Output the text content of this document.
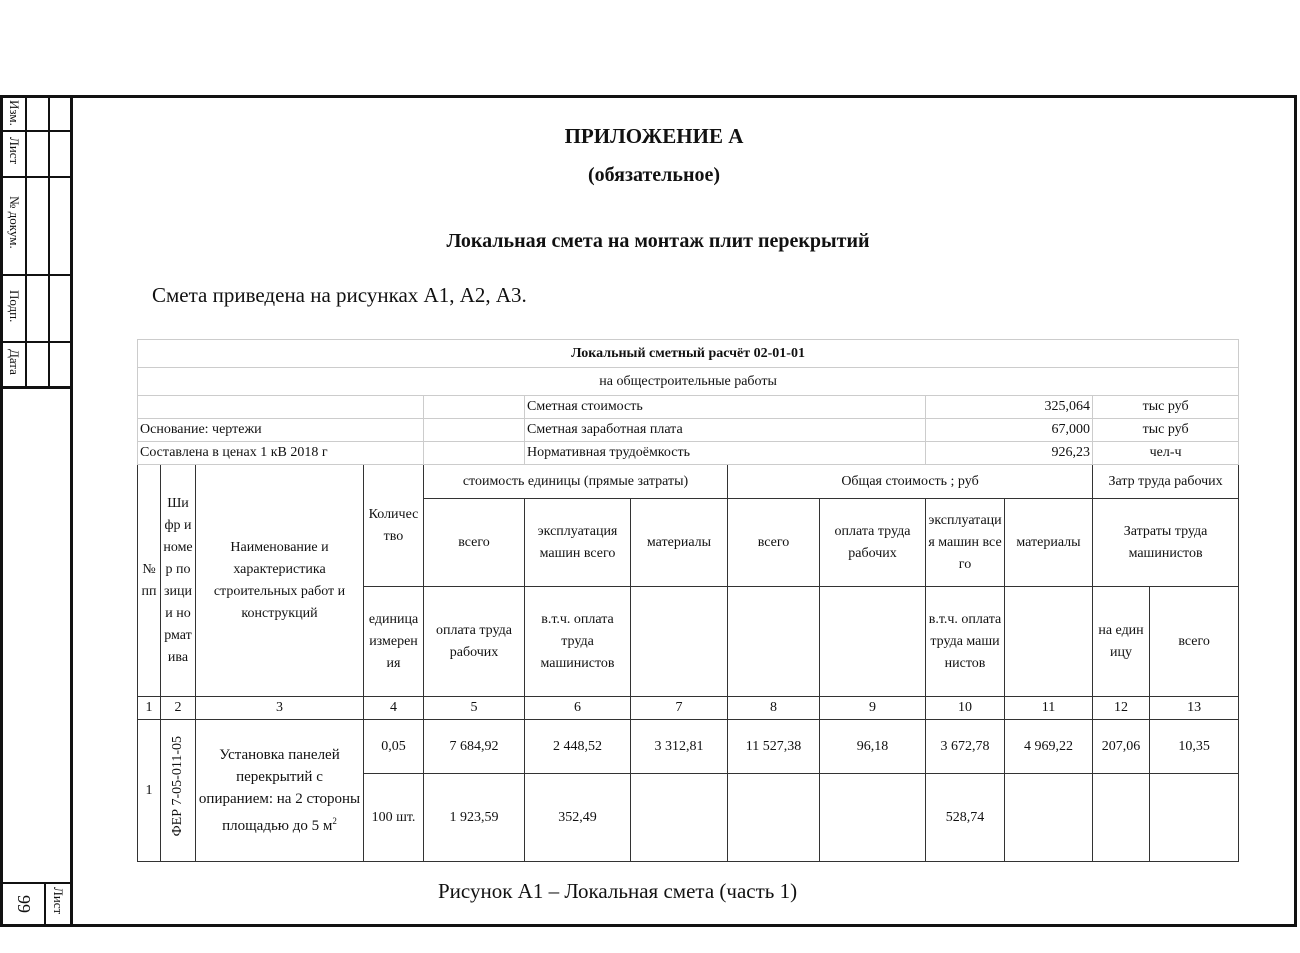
Изм.
Лист
№ докум.
Подп.
Дата
99 Лист
ПРИЛОЖЕНИЕ А
(обязательное)
Локальная смета на монтаж плит перекрытий
Смета приведена на рисунках А1, А2, А3.
Локальный сметный расчёт 02-01-01												
на общестроительные работы												
					Сметная стоимость				325,064		тыс руб	
Основание: чертежи					Сметная заработная плата				67,000		тыс руб	
Составлена в ценах 1 кВ 2018 г					Нормативная трудоёмкость				926,23		чел-ч	
№ пп	Шифр и номер позиции норматива	Наименование и характеристика строительных работ и конструкций	Количество	стоимость единицы (прямые затраты)			Общая стоимость ; руб				Затр труда рабочих	
				всего	эксплуатация машин всего	материалы	всего	оплата труда рабочих	эксплуатация машин всего	материалы	Затраты труда машинистов	
			единица измерения	оплата труда рабочих	в.т.ч. оплата труда машинистов				в.т.ч. оплата труда машинистов		на единицу	всего
1	2	3	4	5	6	7	8	9	10	11	12	13
1	ФЕР 7-05-011-05	Установка панелей перекрытий с опиранием: на 2 стороны площадью до 5 $м^2$	0,05	7 684,92	2 448,52	3 312,81	11 527,38	96,18	3 672,78	4 969,22	207,06	10,35
			100 шт.	1 923,59	352,49				528,74			
Рисунок А1 – Локальная смета (часть 1)
